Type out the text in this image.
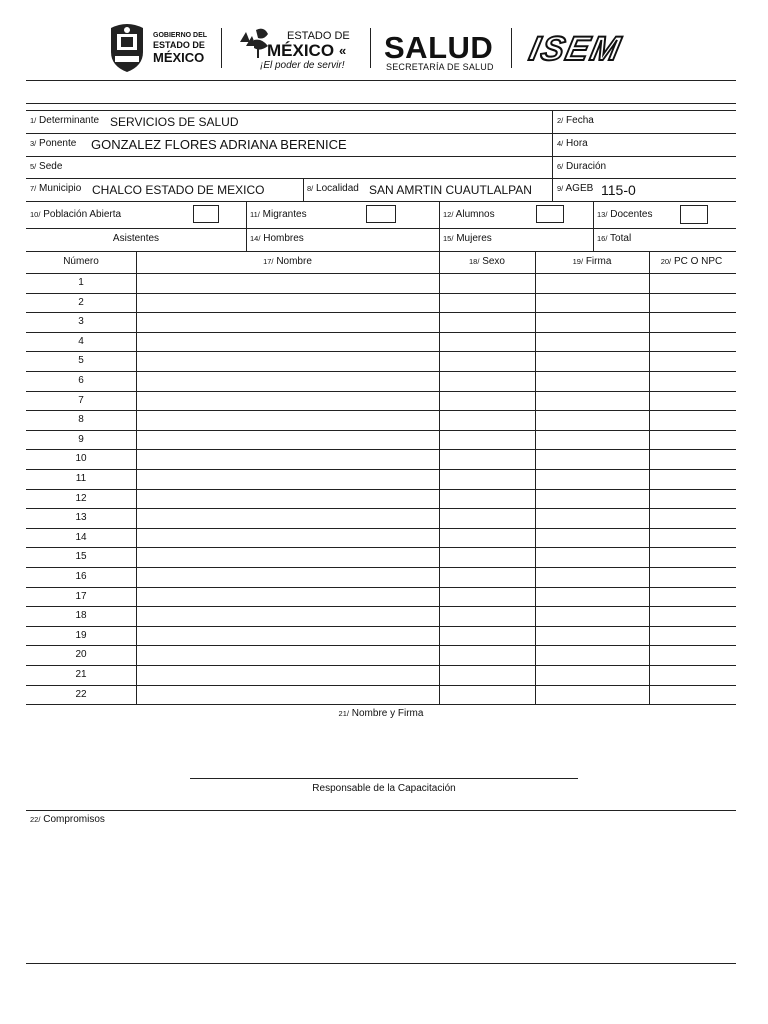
GOBIERNO DEL
ESTADO DE
MÉXICO
ESTADO DE
MÉXICO «
¡El poder de servir!
SALUD
SECRETARÍA DE SALUD ISEM
1/ Determinante SERVICIOS DE SALUD	2/ Fecha
3/ Ponente GONZALEZ FLORES ADRIANA BERENICE	4/ Hora
5/ Sede	6/ Duración
7/ Municipio CHALCO ESTADO DE MEXICO	8/ Localidad SAN AMRTIN CUAUTLALPAN	9/ AGEB 115-0
10/ Población Abierta	11/ Migrantes	12/ Alumnos	13/ Docentes
Asistentes	14/ Hombres	15/ Mujeres	16/ Total
Número	17/ Nombre	18/ Sexo	19/ Firma	20/ PC O NPC
1
2
3
4
5
6
7
8
9
10
11
12
13
14
15
16
17
18
19
20
21
22
21/ Nombre y Firma
Responsable de la Capacitación
22/ Compromisos
